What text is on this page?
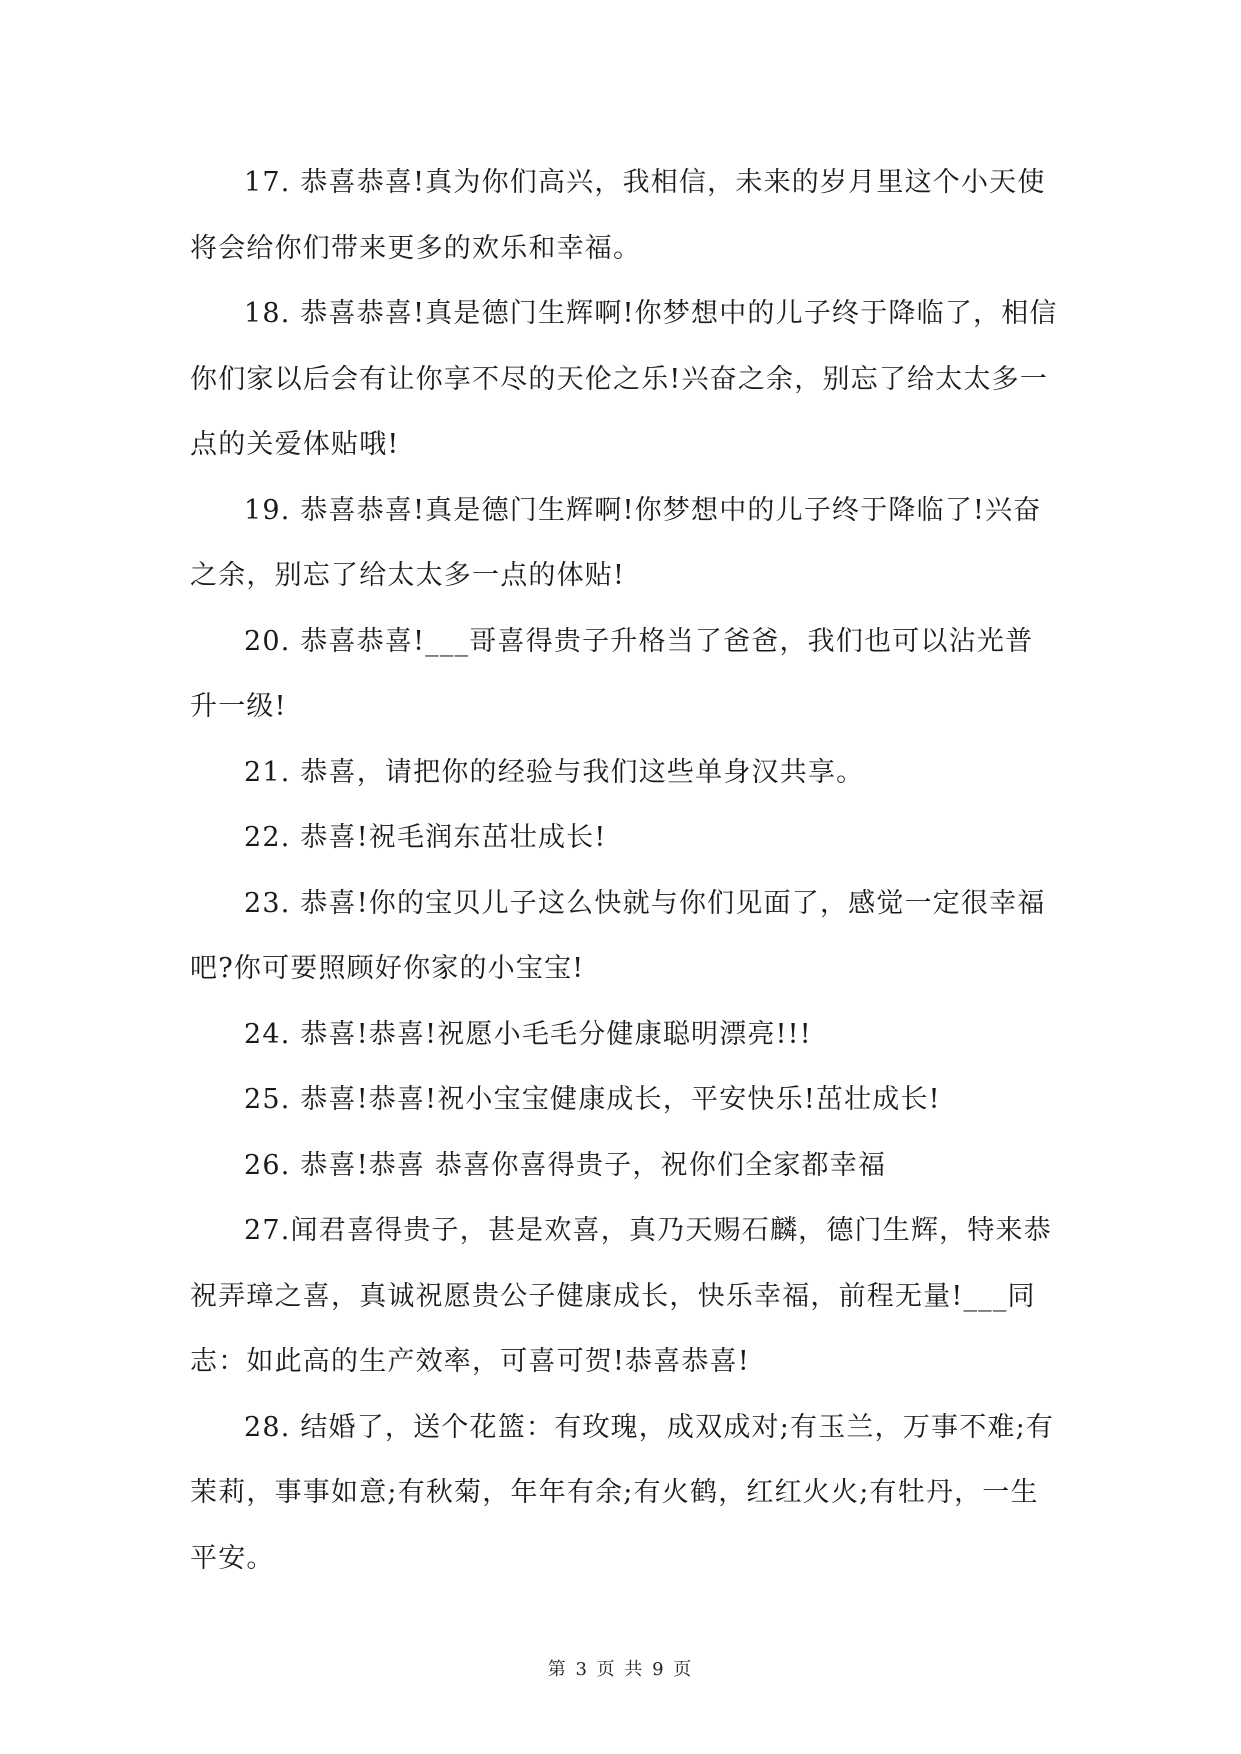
17. 恭喜恭喜!真为你们高兴，我相信，未来的岁月里这个小天使将会给你们带来更多的欢乐和幸福。

18. 恭喜恭喜!真是德门生辉啊!你梦想中的儿子终于降临了，相信你们家以后会有让你享不尽的天伦之乐!兴奋之余，别忘了给太太多一点的关爱体贴哦!

19. 恭喜恭喜!真是德门生辉啊!你梦想中的儿子终于降临了!兴奋之余，别忘了给太太多一点的体贴!

20. 恭喜恭喜!___哥喜得贵子升格当了爸爸，我们也可以沾光普升一级!

21. 恭喜，请把你的经验与我们这些单身汉共享。

22. 恭喜!祝毛润东茁壮成长!

23. 恭喜!你的宝贝儿子这么快就与你们见面了，感觉一定很幸福吧?你可要照顾好你家的小宝宝!

24. 恭喜!恭喜!祝愿小毛毛分健康聪明漂亮!!!

25. 恭喜!恭喜!祝小宝宝健康成长，平安快乐!茁壮成长!

26. 恭喜!恭喜 恭喜你喜得贵子，祝你们全家都幸福

27.闻君喜得贵子，甚是欢喜，真乃天赐石麟，德门生辉，特来恭祝弄璋之喜，真诚祝愿贵公子健康成长，快乐幸福，前程无量!___同志：如此高的生产效率，可喜可贺!恭喜恭喜!

28. 结婚了，送个花篮：有玫瑰，成双成对;有玉兰，万事不难;有茉莉，事事如意;有秋菊，年年有余;有火鹤，红红火火;有牡丹，一生平安。

第 3 页 共 9 页
